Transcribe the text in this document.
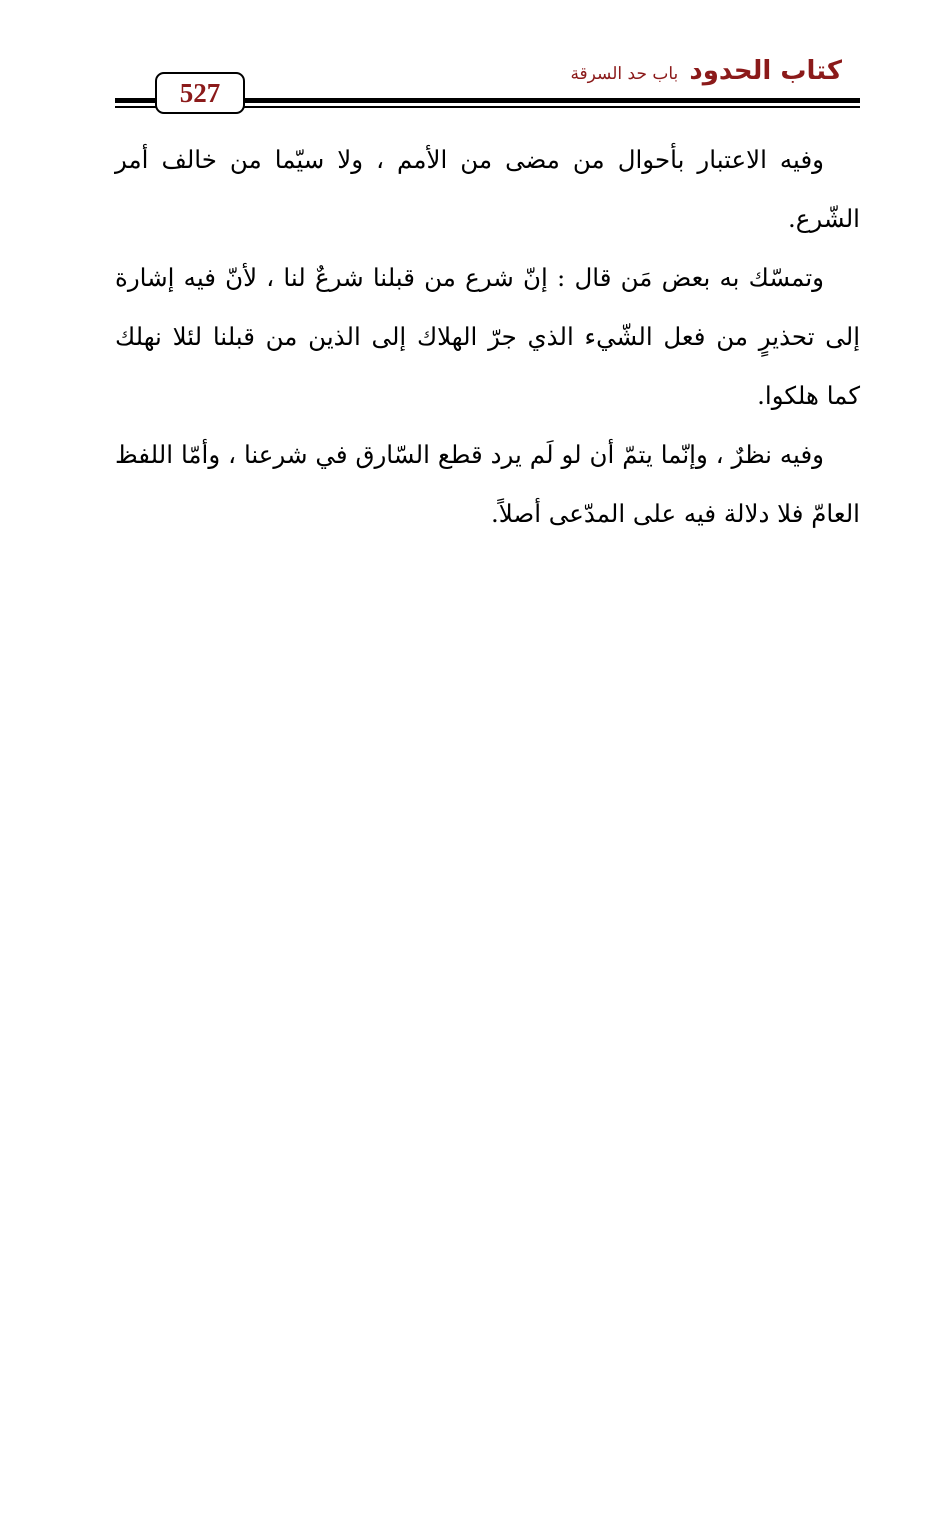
كتاب الحدود باب حد السرقة
527

وفيه الاعتبار بأحوال من مضى من الأمم ، ولا سيّما من خالف أمر الشّرع.

وتمسّك به بعض مَن قال : إنّ شرع من قبلنا شرعٌ لنا ، لأنّ فيه إشارة إلى تحذيرٍ من فعل الشّيء الذي جرّ الهلاك إلى الذين من قبلنا لئلا نهلك كما هلكوا.

وفيه نظرٌ ، وإنّما يتمّ أن لو لَم يرد قطع السّارق في شرعنا ، وأمّا اللفظ العامّ فلا دلالة فيه على المدّعى أصلاً.
